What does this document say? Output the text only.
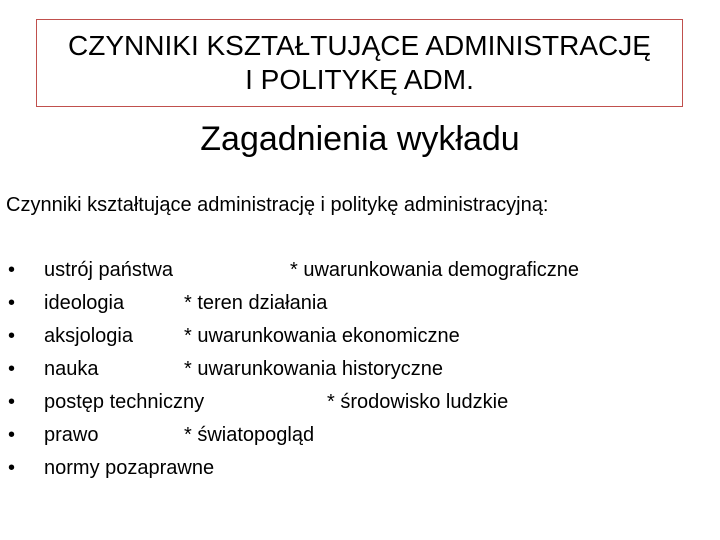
CZYNNIKI KSZTAŁTUJĄCE ADMINISTRACJĘ
I POLITYKĘ ADM.
Zagadnienia wykładu
Czynniki kształtujące administrację i politykę administracyjną:
• ustrój państwa	* uwarunkowania demograficzne
• ideologia	* teren działania
• aksjologia	* uwarunkowania ekonomiczne
• nauka	* uwarunkowania historyczne
• postęp techniczny	* środowisko ludzkie
• prawo	* światopogląd
• normy pozaprawne
